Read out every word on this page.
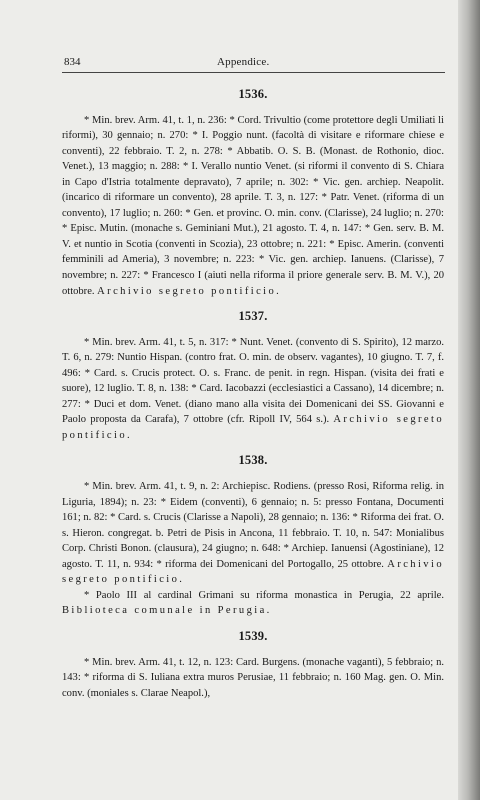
834	Appendice.
1536.

* Min. brev. Arm. 41, t. 1, n. 236: * Cord. Trivultio (come protettore degli Umiliati li riformi), 30 gennaio; n. 270: * I. Poggio nunt. (facoltà di visitare e riformare chiese e conventi), 22 febbraio. T. 2, n. 278: * Abbatib. O. S. B. (Monast. de Rothonio, dioc. Venet.), 13 maggio; n. 288: * I. Verallo nuntio Venet. (si riformi il convento di S. Chiara in Capo d'Istria totalmente depravato), 7 aprile; n. 302: * Vic. gen. archiep. Neapolit. (incarico di riformare un convento), 28 aprile. T. 3, n. 127: * Patr. Venet. (riforma di un convento), 17 luglio; n. 260: * Gen. et provinc. O. min. conv. (Clarisse), 24 luglio; n. 270: * Episc. Mutin. (monache s. Geminiani Mut.), 21 agosto. T. 4, n. 147: * Gen. serv. B. M. V. et nuntio in Scotia (conventi in Scozia), 23 ottobre; n. 221: * Episc. Amerin. (conventi femminili ad Ameria), 3 novembre; n. 223: * Vic. gen. archiep. Ianuens. (Clarisse), 7 novembre; n. 227: * Francesco I (aiuti nella riforma il priore generale serv. B. M. V.), 20 ottobre. Archivio segreto pontificio.

1537.

* Min. brev. Arm. 41, t. 5, n. 317: * Nunt. Venet. (convento di S. Spirito), 12 marzo. T. 6, n. 279: Nuntio Hispan. (contro frat. O. min. de observ. vagantes), 10 giugno. T. 7, f. 496: * Card. s. Crucis protect. O. s. Franc. de penit. in regn. Hispan. (visita dei frati e suore), 12 luglio. T. 8, n. 138: * Card. Iacobazzi (ecclesiastici a Cassano), 14 dicembre; n. 277: * Duci et dom. Venet. (diano mano alla visita dei Domenicani dei SS. Giovanni e Paolo proposta da Carafa), 7 ottobre (cfr. Ripoll IV, 564 s.). Archivio segreto pontificio.

1538.

* Min. brev. Arm. 41, t. 9, n. 2: Archiepisc. Rodiens. (presso Rosi, Riforma relig. in Liguria, 1894); n. 23: * Eidem (conventi), 6 gennaio; n. 5: presso Fontana, Documenti 161; n. 82: * Card. s. Crucis (Clarisse a Napoli), 28 gennaio; n. 136: * Riforma dei frat. O. s. Hieron. congregat. b. Petri de Pisis in Ancona, 11 febbraio. T. 10, n. 547: Monialibus Corp. Christi Bonon. (clausura), 24 giugno; n. 648: * Archiep. Ianuensi (Agostiniane), 12 agosto. T. 11, n. 934: * riforma dei Domenicani del Portogallo, 25 ottobre. Archivio segreto pontificio.

* Paolo III al cardinal Grimani su riforma monastica in Perugia, 22 aprile. Biblioteca comunale in Perugia.

1539.

* Min. brev. Arm. 41, t. 12, n. 123: Card. Burgens. (monache vaganti), 5 febbraio; n. 143: * riforma di S. Iuliana extra muros Perusiae, 11 febbraio; n. 160 Mag. gen. O. Min. conv. (moniales s. Clarae Neapol.),
